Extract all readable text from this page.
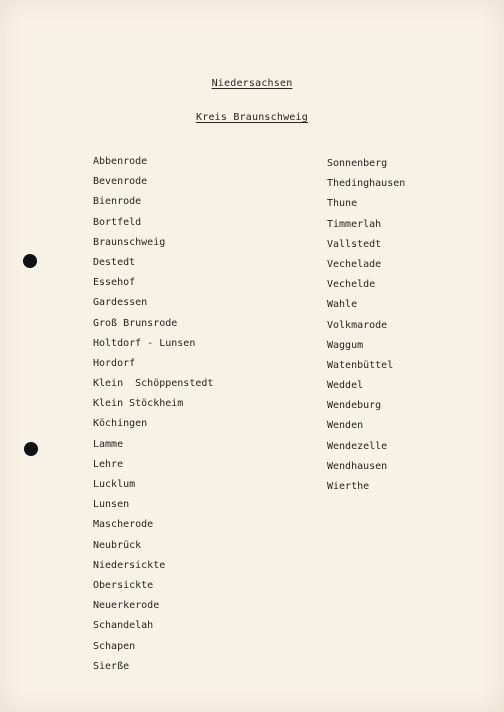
Niedersachsen
Kreis Braunschweig
Abbenrode
Bevenrode
Bienrode
Bortfeld
Braunschweig
Destedt
Essehof
Gardessen
Groß Brunsrode
Holtdorf - Lunsen
Hordorf
Klein  Schöppenstedt
Klein Stöckheim
Köchingen
Lamme
Lehre
Lucklum
Lunsen
Mascherode
Neubrück
Niedersickte
Obersickte
Neuerkerode
Schandelah
Schapen
Sierße
Sonnenberg
Thedinghausen
Thune
Timmerlah
Vallstedt
Vechelade
Vechelde
Wahle
Volkmarode
Waggum
Watenbüttel
Weddel
Wendeburg
Wenden
Wendezelle
Wendhausen
Wierthe
